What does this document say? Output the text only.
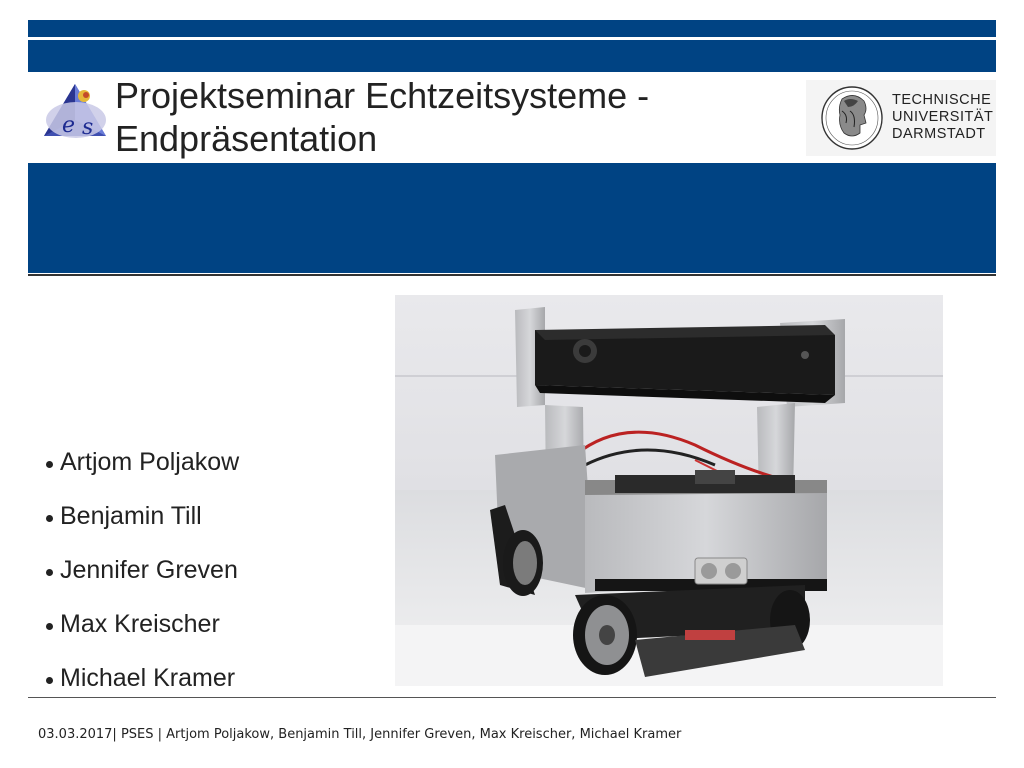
e s
Projektseminar Echtzeitsysteme -
Endpräsentation
TECHNISCHE
UNIVERSITÄT
DARMSTADT
Artjom Poljakow
Benjamin Till
Jennifer Greven
Max Kreischer
Michael Kramer
03.03.2017| PSES | Artjom Poljakow, Benjamin Till, Jennifer Greven, Max Kreischer, Michael Kramer
